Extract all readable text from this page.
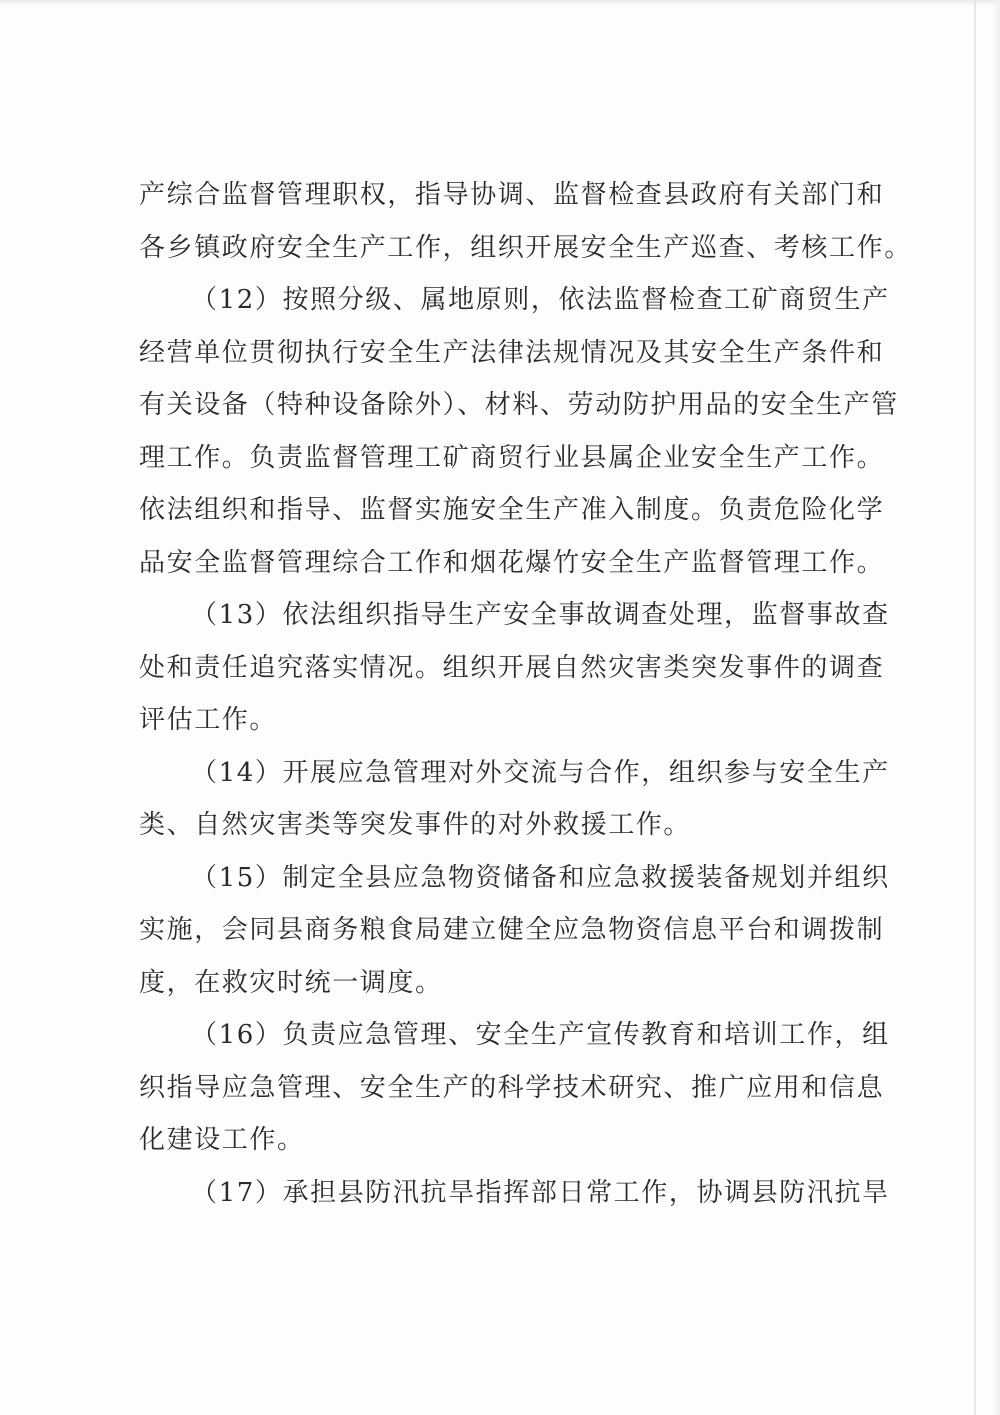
产综合监督管理职权，指导协调、监督检查县政府有关部门和
各乡镇政府安全生产工作，组织开展安全生产巡查、考核工作。
（12）按照分级、属地原则，依法监督检查工矿商贸生产
经营单位贯彻执行安全生产法律法规情况及其安全生产条件和
有关设备（特种设备除外）、材料、劳动防护用品的安全生产管
理工作。负责监督管理工矿商贸行业县属企业安全生产工作。
依法组织和指导、监督实施安全生产准入制度。负责危险化学
品安全监督管理综合工作和烟花爆竹安全生产监督管理工作。
（13）依法组织指导生产安全事故调查处理，监督事故查
处和责任追究落实情况。组织开展自然灾害类突发事件的调查
评估工作。
（14）开展应急管理对外交流与合作，组织参与安全生产
类、自然灾害类等突发事件的对外救援工作。
（15）制定全县应急物资储备和应急救援装备规划并组织
实施，会同县商务粮食局建立健全应急物资信息平台和调拨制
度，在救灾时统一调度。
（16）负责应急管理、安全生产宣传教育和培训工作，组
织指导应急管理、安全生产的科学技术研究、推广应用和信息
化建设工作。
（17）承担县防汛抗旱指挥部日常工作，协调县防汛抗旱
